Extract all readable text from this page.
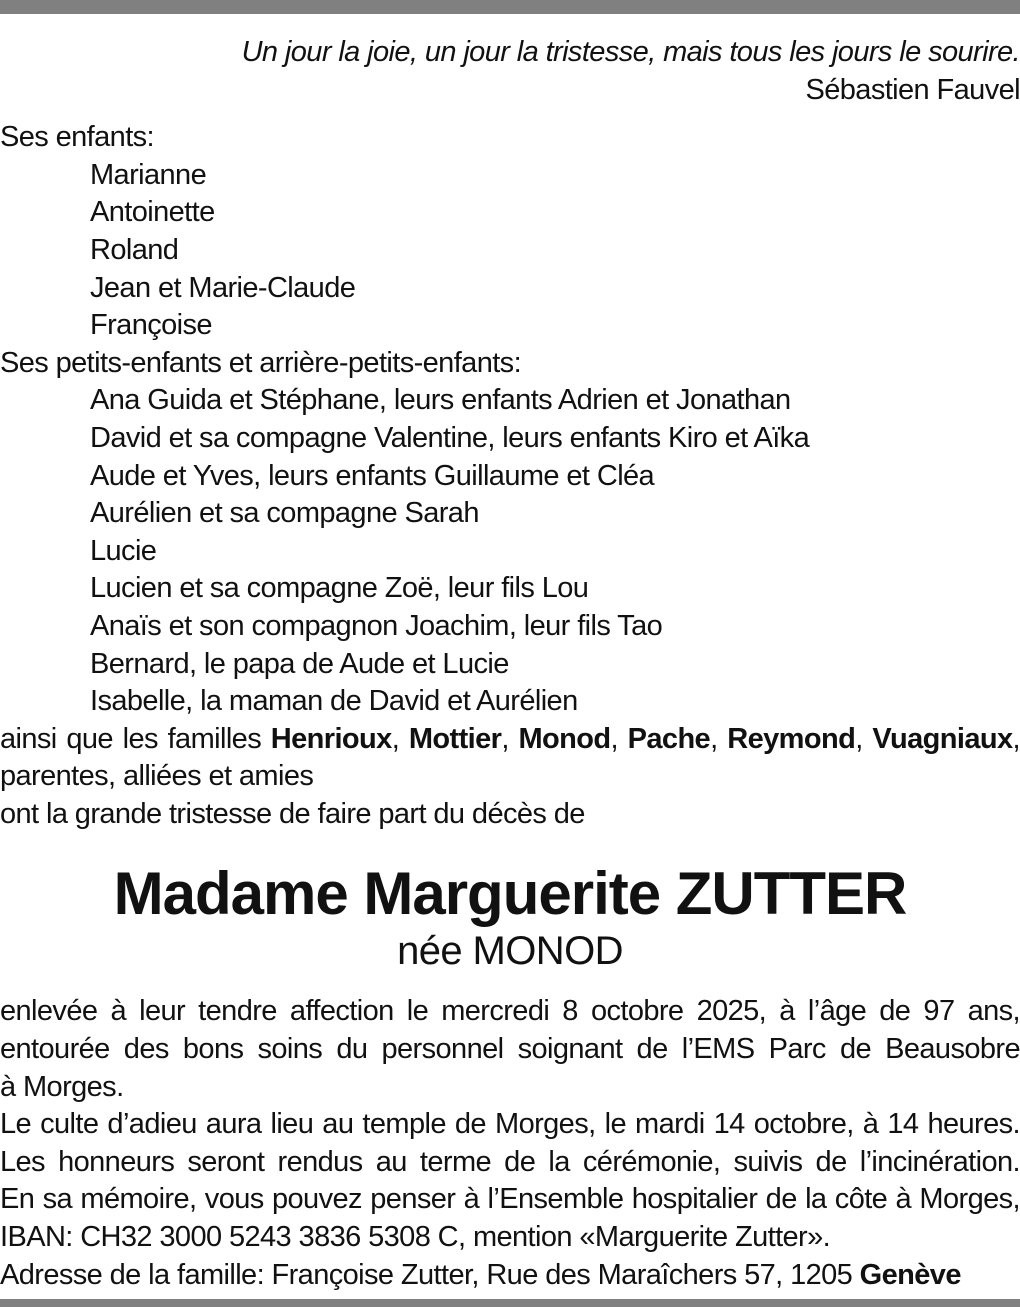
Un jour la joie, un jour la tristesse, mais tous les jours le sourire.

Sébastien Fauvel

Ses enfants:

Marianne

Antoinette

Roland

Jean et Marie-Claude

Françoise

Ses petits-enfants et arrière-petits-enfants:

Ana Guida et Stéphane, leurs enfants Adrien et Jonathan

David et sa compagne Valentine, leurs enfants Kiro et Aïka

Aude et Yves, leurs enfants Guillaume et Cléa

Aurélien et sa compagne Sarah

Lucie

Lucien et sa compagne Zoë, leur fils Lou

Anaïs et son compagnon Joachim, leur fils Tao

Bernard, le papa de Aude et Lucie

Isabelle, la maman de David et Aurélien

ainsi que les familles Henrioux, Mottier, Monod, Pache, Reymond, Vuagniaux,

parentes, alliées et amies

ont la grande tristesse de faire part du décès de

Madame Marguerite ZUTTER

née MONOD

enlevée à leur tendre affection le mercredi 8 octobre 2025, à l’âge de 97 ans,

entourée des bons soins du personnel soignant de l’EMS Parc de Beausobre

à Morges.

Le culte d’adieu aura lieu au temple de Morges, le mardi 14 octobre, à 14 heures.

Les honneurs seront rendus au terme de la cérémonie, suivis de l’incinération.

En sa mémoire, vous pouvez penser à l’Ensemble hospitalier de la côte à Morges,

IBAN: CH32 3000 5243 3836 5308 C, mention «Marguerite Zutter».

Adresse de la famille: Françoise Zutter, Rue des Maraîchers 57, 1205 Genève
